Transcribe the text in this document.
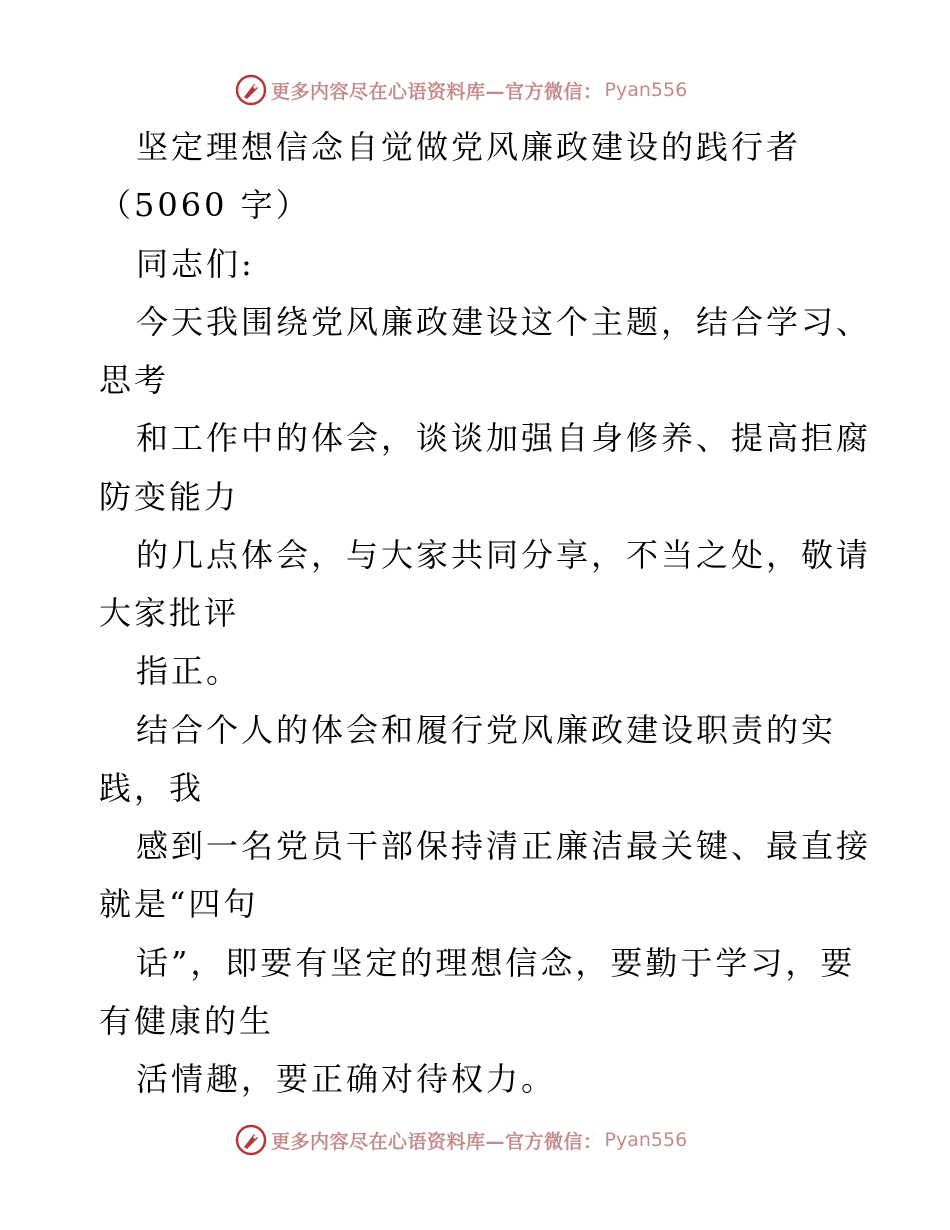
更多内容尽在心语资料库—官方微信： Pyan556
坚定理想信念自觉做党风廉政建设的践行者
（5060 字）
同志们:
今天我围绕党风廉政建设这个主题，结合学习、
思考
和工作中的体会，谈谈加强自身修养、提高拒腐
防变能力
的几点体会，与大家共同分享，不当之处，敬请
大家批评
指正。
结合个人的体会和履行党风廉政建设职责的实
践，我
感到一名党员干部保持清正廉洁最关键、最直接
就是“四句
话”，即要有坚定的理想信念，要勤于学习，要
有健康的生
活情趣，要正确对待权力。
更多内容尽在心语资料库—官方微信： Pyan556
